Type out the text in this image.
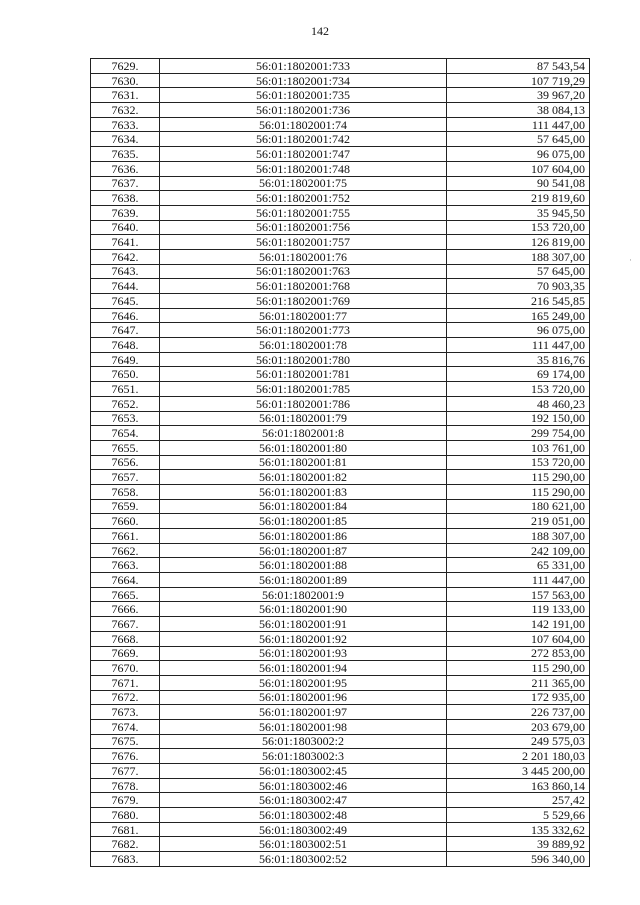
142
7629.	56:01:1802001:733	87 543,54
7630.	56:01:1802001:734	107 719,29
7631.	56:01:1802001:735	39 967,20
7632.	56:01:1802001:736	38 084,13
7633.	56:01:1802001:74	111 447,00
7634.	56:01:1802001:742	57 645,00
7635.	56:01:1802001:747	96 075,00
7636.	56:01:1802001:748	107 604,00
7637.	56:01:1802001:75	90 541,08
7638.	56:01:1802001:752	219 819,60
7639.	56:01:1802001:755	35 945,50
7640.	56:01:1802001:756	153 720,00
7641.	56:01:1802001:757	126 819,00
7642.	56:01:1802001:76	188 307,00
7643.	56:01:1802001:763	57 645,00
7644.	56:01:1802001:768	70 903,35
7645.	56:01:1802001:769	216 545,85
7646.	56:01:1802001:77	165 249,00
7647.	56:01:1802001:773	96 075,00
7648.	56:01:1802001:78	111 447,00
7649.	56:01:1802001:780	35 816,76
7650.	56:01:1802001:781	69 174,00
7651.	56:01:1802001:785	153 720,00
7652.	56:01:1802001:786	48 460,23
7653.	56:01:1802001:79	192 150,00
7654.	56:01:1802001:8	299 754,00
7655.	56:01:1802001:80	103 761,00
7656.	56:01:1802001:81	153 720,00
7657.	56:01:1802001:82	115 290,00
7658.	56:01:1802001:83	115 290,00
7659.	56:01:1802001:84	180 621,00
7660.	56:01:1802001:85	219 051,00
7661.	56:01:1802001:86	188 307,00
7662.	56:01:1802001:87	242 109,00
7663.	56:01:1802001:88	65 331,00
7664.	56:01:1802001:89	111 447,00
7665.	56:01:1802001:9	157 563,00
7666.	56:01:1802001:90	119 133,00
7667.	56:01:1802001:91	142 191,00
7668.	56:01:1802001:92	107 604,00
7669.	56:01:1802001:93	272 853,00
7670.	56:01:1802001:94	115 290,00
7671.	56:01:1802001:95	211 365,00
7672.	56:01:1802001:96	172 935,00
7673.	56:01:1802001:97	226 737,00
7674.	56:01:1802001:98	203 679,00
7675.	56:01:1803002:2	249 575,03
7676.	56:01:1803002:3	2 201 180,03
7677.	56:01:1803002:45	3 445 200,00
7678.	56:01:1803002:46	163 860,14
7679.	56:01:1803002:47	257,42
7680.	56:01:1803002:48	5 529,66
7681.	56:01:1803002:49	135 332,62
7682.	56:01:1803002:51	39 889,92
7683.	56:01:1803002:52	596 340,00
·
